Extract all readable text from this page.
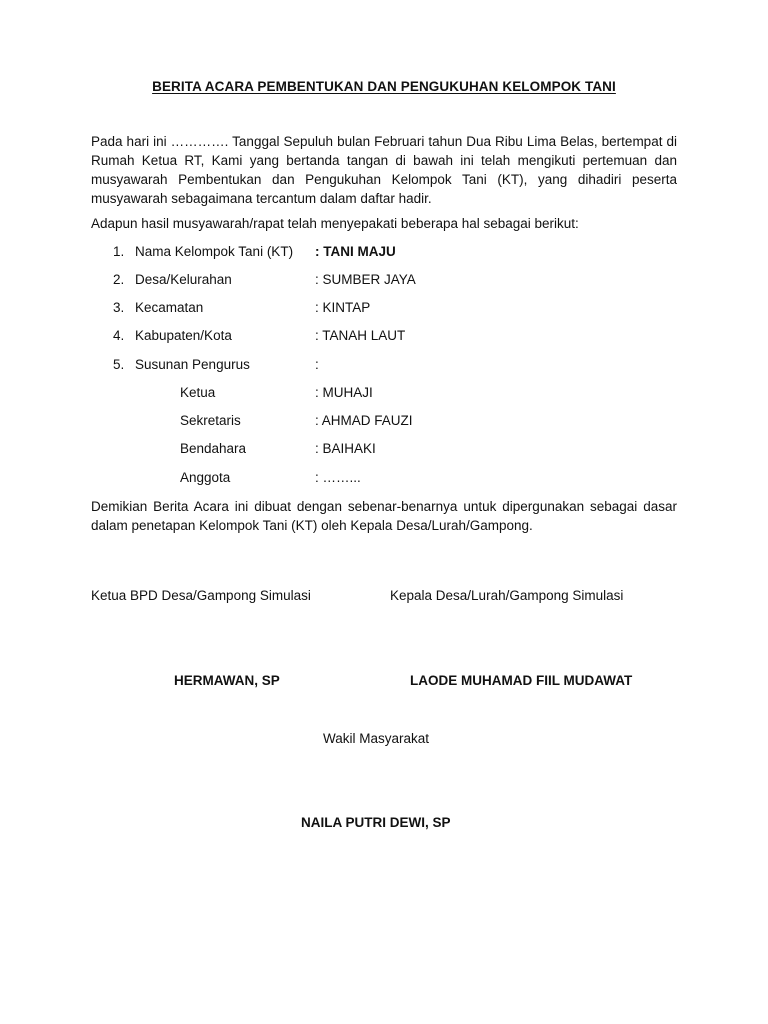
BERITA ACARA PEMBENTUKAN DAN PENGUKUHAN KELOMPOK TANI
Pada hari ini …………. Tanggal Sepuluh bulan Februari tahun Dua Ribu Lima Belas, bertempat di Rumah Ketua RT, Kami yang bertanda tangan di bawah ini telah mengikuti pertemuan dan musyawarah Pembentukan dan Pengukuhan Kelompok Tani (KT), yang dihadiri peserta musyawarah sebagaimana tercantum dalam daftar hadir.
Adapun hasil musyawarah/rapat telah menyepakati beberapa hal sebagai berikut:
1. Nama Kelompok Tani (KT) : TANI MAJU
2. Desa/Kelurahan	: SUMBER JAYA
3. Kecamatan	: KINTAP
4. Kabupaten/Kota	: TANAH LAUT
5. Susunan Pengurus	:
Ketua	: MUHAJI
Sekretaris	: AHMAD FAUZI
Bendahara	: BAIHAKI
Anggota	: ……...
Demikian Berita Acara ini dibuat dengan sebenar-benarnya untuk dipergunakan sebagai dasar dalam penetapan Kelompok Tani (KT) oleh Kepala Desa/Lurah/Gampong.
Ketua BPD Desa/Gampong Simulasi	Kepala Desa/Lurah/Gampong Simulasi
HERMAWAN, SP	LAODE MUHAMAD FIIL MUDAWAT
Wakil Masyarakat
NAILA PUTRI DEWI, SP
